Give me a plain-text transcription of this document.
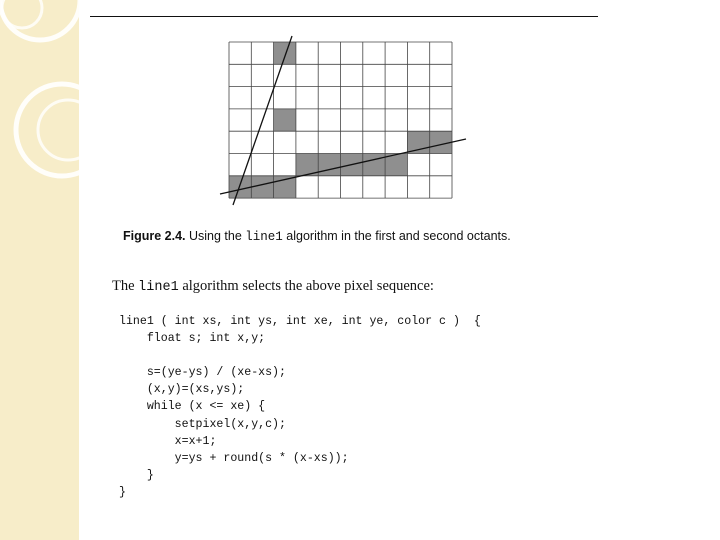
Figure 2.4. Using the line1 algorithm in the first and second octants.
The line1 algorithm selects the above pixel sequence:
line1 ( int xs, int ys, int xe, int ye, color c )  {
float s; int x,y;

s=(ye-ys) / (xe-xs);
(x,y)=(xs,ys);
while (x <= xe) {
setpixel(x,y,c);
x=x+1;
y=ys + round(s * (x-xs));
}
}
